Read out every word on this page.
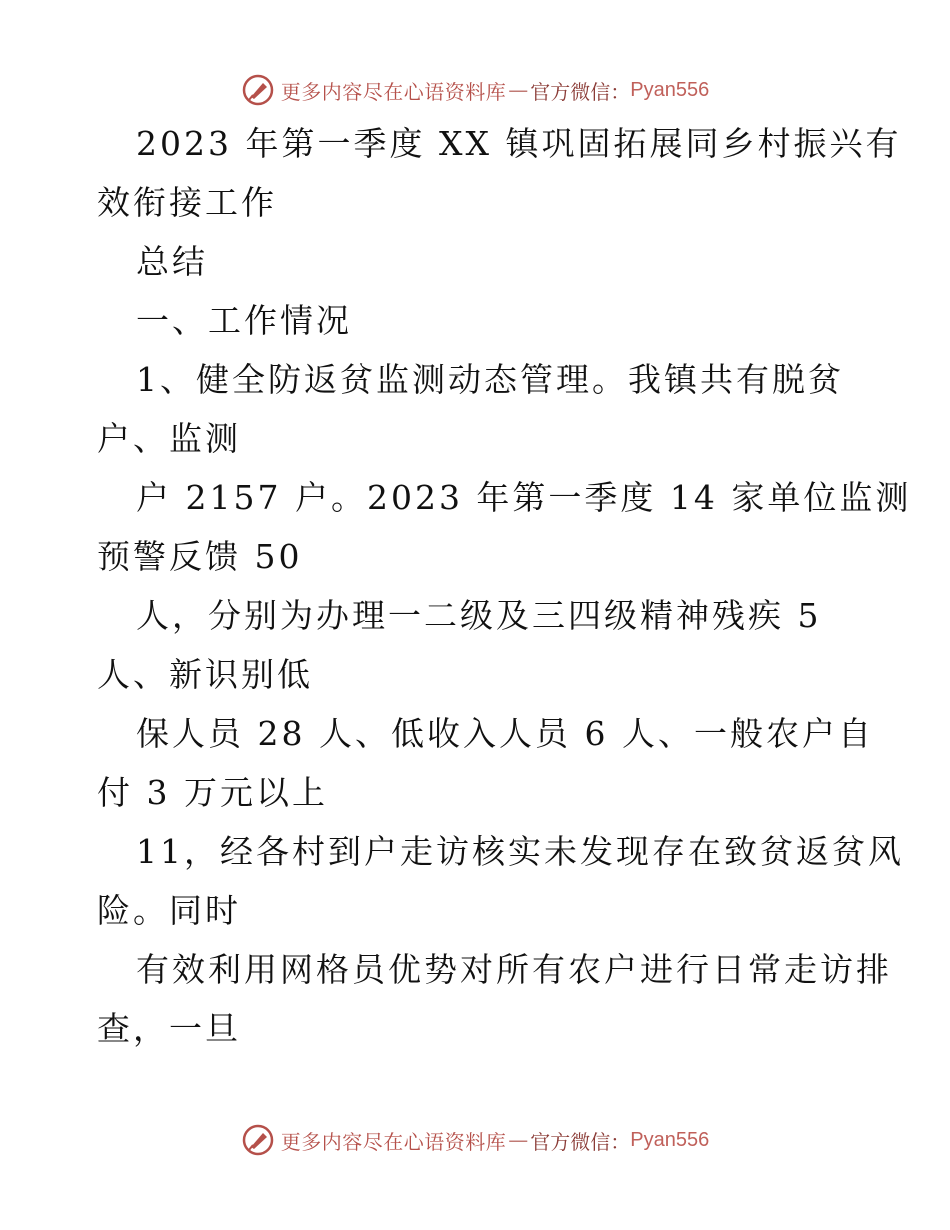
更多内容尽在心语资料库 — 官方微信： Pyan556
2023 年第一季度 XX 镇巩固拓展同乡村振兴有
效衔接工作
总结
一、工作情况
1、健全防返贫监测动态管理。我镇共有脱贫
户、监测
户 2157 户。2023 年第一季度 14 家单位监测
预警反馈 50
人，分别为办理一二级及三四级精神残疾 5
人、新识别低
保人员 28 人、低收入人员 6 人、一般农户自
付 3 万元以上
11，经各村到户走访核实未发现存在致贫返贫风
险。同时
有效利用网格员优势对所有农户进行日常走访排
查，一旦
更多内容尽在心语资料库 — 官方微信： Pyan556
